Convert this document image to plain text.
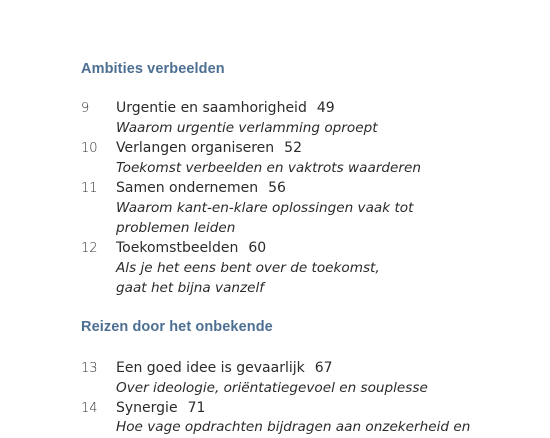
Ambities verbeelden
9 Urgentie en saamhorigheid 49
Waarom urgentie verlamming oproept
10 Verlangen organiseren 52
Toekomst verbeelden en vaktrots waarderen
11 Samen ondernemen 56
Waarom kant-en-klare oplossingen vaak tot
problemen leiden
12 Toekomstbeelden 60
Als je het eens bent over de toekomst,
gaat het bijna vanzelf
Reizen door het onbekende
13 Een goed idee is gevaarlijk 67
Over ideologie, oriëntatiegevoel en souplesse
14 Synergie 71
Hoe vage opdrachten bijdragen aan onzekerheid en
